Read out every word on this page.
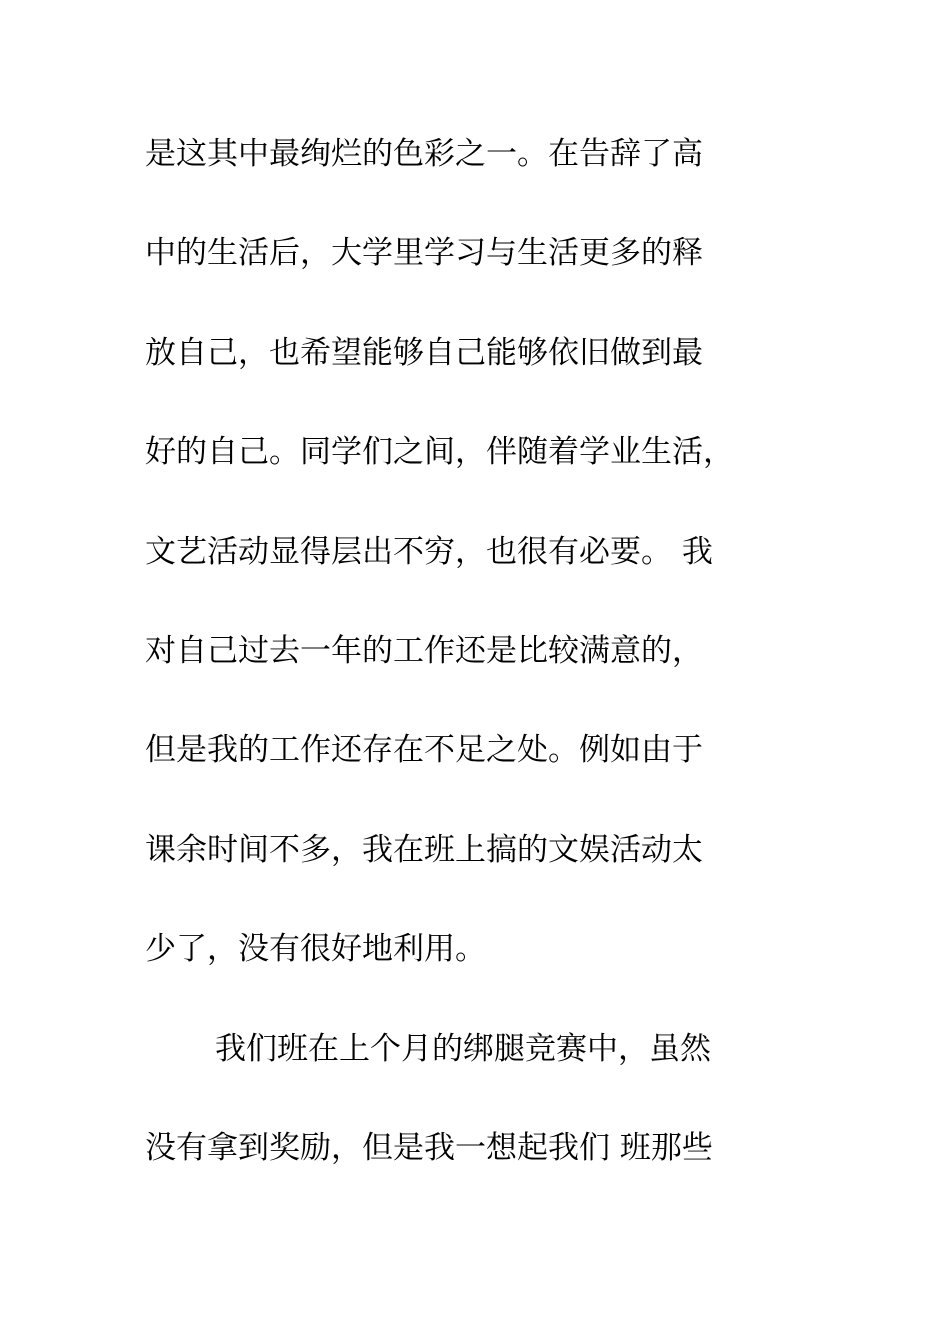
是这其中最绚烂的色彩之一。在告辞了高
中的生活后，大学里学习与生活更多的释
放自己，也希望能够自己能够依旧做到最
好的自己。同学们之间，伴随着学业生活，
文艺活动显得层出不穷，也很有必要。 我
对自己过去一年的工作还是比较满意的，
但是我的工作还存在不足之处。例如由于
课余时间不多，我在班上搞的文娱活动太
少了，没有很好地利用。
我们班在上个月的绑腿竞赛中，虽然
没有拿到奖励，但是我一想起我们 班那些
